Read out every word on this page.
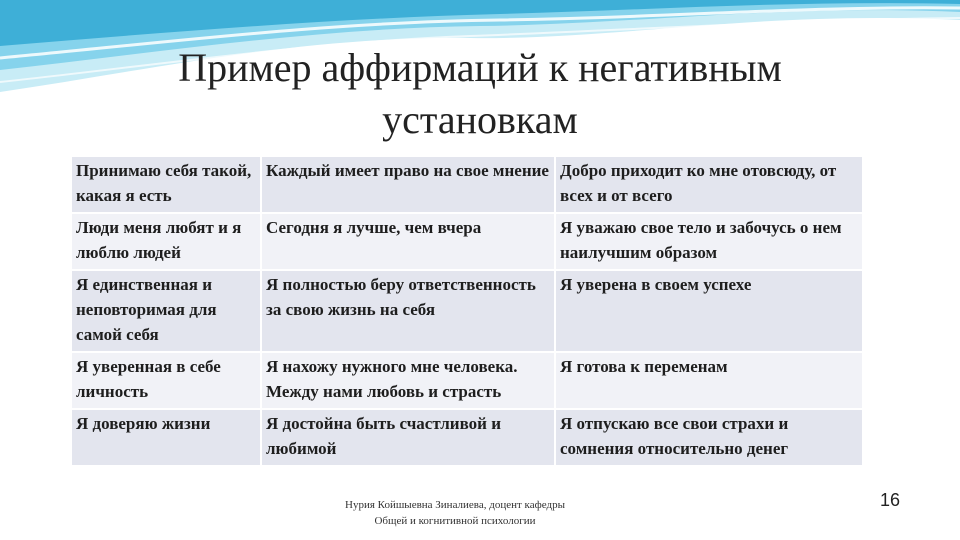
Пример аффирмаций к негативным
установкам
Принимаю себя такой, какая я есть	Каждый имеет право на свое мнение	Добро приходит ко мне отовсюду, от всех и от всего
Люди меня любят и я люблю людей	Сегодня я лучше, чем вчера	Я уважаю свое тело и забочусь о нем наилучшим образом
Я единственная и неповторимая для самой себя	Я полностью беру ответственность за свою жизнь на себя	Я уверена в своем успехе
Я уверенная в себе личность	Я нахожу нужного мне человека. Между нами любовь и страсть	Я готова к переменам
Я доверяю жизни	Я достойна быть счастливой и любимой	Я отпускаю все свои страхи и сомнения относительно денег
Нурия Койшыевна Зиналиева, доцент кафедры
Общей и когнитивной психологии
16
